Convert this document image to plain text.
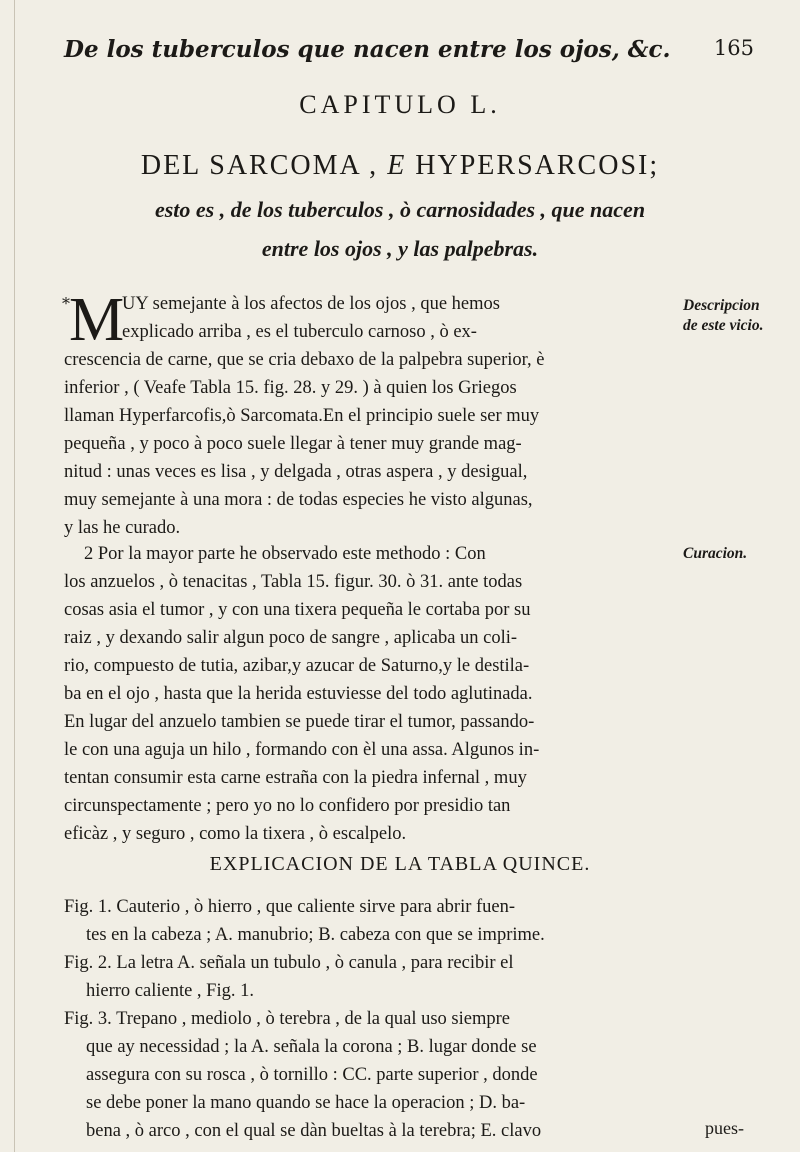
De los tuberculos que nacen entre los ojos, &c. 165
CAPITULO L.
DEL SARCOMA , E HYPERSARCOSI;
esto es , de los tuberculos , ò carnosidades , que nacen
entre los ojos , y las palpebras.
* M
UY semejante à los afectos de los ojos , que hemos
explicado arriba , es el tuberculo carnoso , ò ex-
crescencia de carne, que se cria debaxo de la palpebra superior, è
inferior , ( Veafe Tabla 15. fig. 28. y 29. ) à quien los Griegos
llaman Hyperfarcofis,ò Sarcomata.En el principio suele ser muy
pequeña , y poco à poco suele llegar à tener muy grande mag-
nitud : unas veces es lisa , y delgada , otras aspera , y desigual,
muy semejante à una mora : de todas especies he visto algunas,
y las he curado.
Descripcion
de este vicio.
Curacion.
2 Por la mayor parte he observado este methodo : Con
los anzuelos , ò tenacitas , Tabla 15. figur. 30. ò 31. ante todas
cosas asia el tumor , y con una tixera pequeña le cortaba por su
raiz , y dexando salir algun poco de sangre , aplicaba un coli-
rio, compuesto de tutia, azibar,y azucar de Saturno,y le destila-
ba en el ojo , hasta que la herida estuviesse del todo aglutinada.
En lugar del anzuelo tambien se puede tirar el tumor, passando-
le con una aguja un hilo , formando con èl una assa. Algunos in-
tentan consumir esta carne estraña con la piedra infernal , muy
circunspectamente ; pero yo no lo confidero por presidio tan
eficàz , y seguro , como la tixera , ò escalpelo.
EXPLICACION DE LA TABLA QUINCE.
Fig. 1. Cauterio , ò hierro , que caliente sirve para abrir fuen-
tes en la cabeza ; A. manubrio; B. cabeza con que se imprime.
Fig. 2. La letra A. señala un tubulo , ò canula , para recibir el
hierro caliente , Fig. 1.
Fig. 3. Trepano , mediolo , ò terebra , de la qual uso siempre
que ay necessidad ; la A. señala la corona ; B. lugar donde se
assegura con su rosca , ò tornillo : CC. parte superior , donde
se debe poner la mano quando se hace la operacion ; D. ba-
bena , ò arco , con el qual se dàn bueltas à la terebra; E. clavo	pues-
